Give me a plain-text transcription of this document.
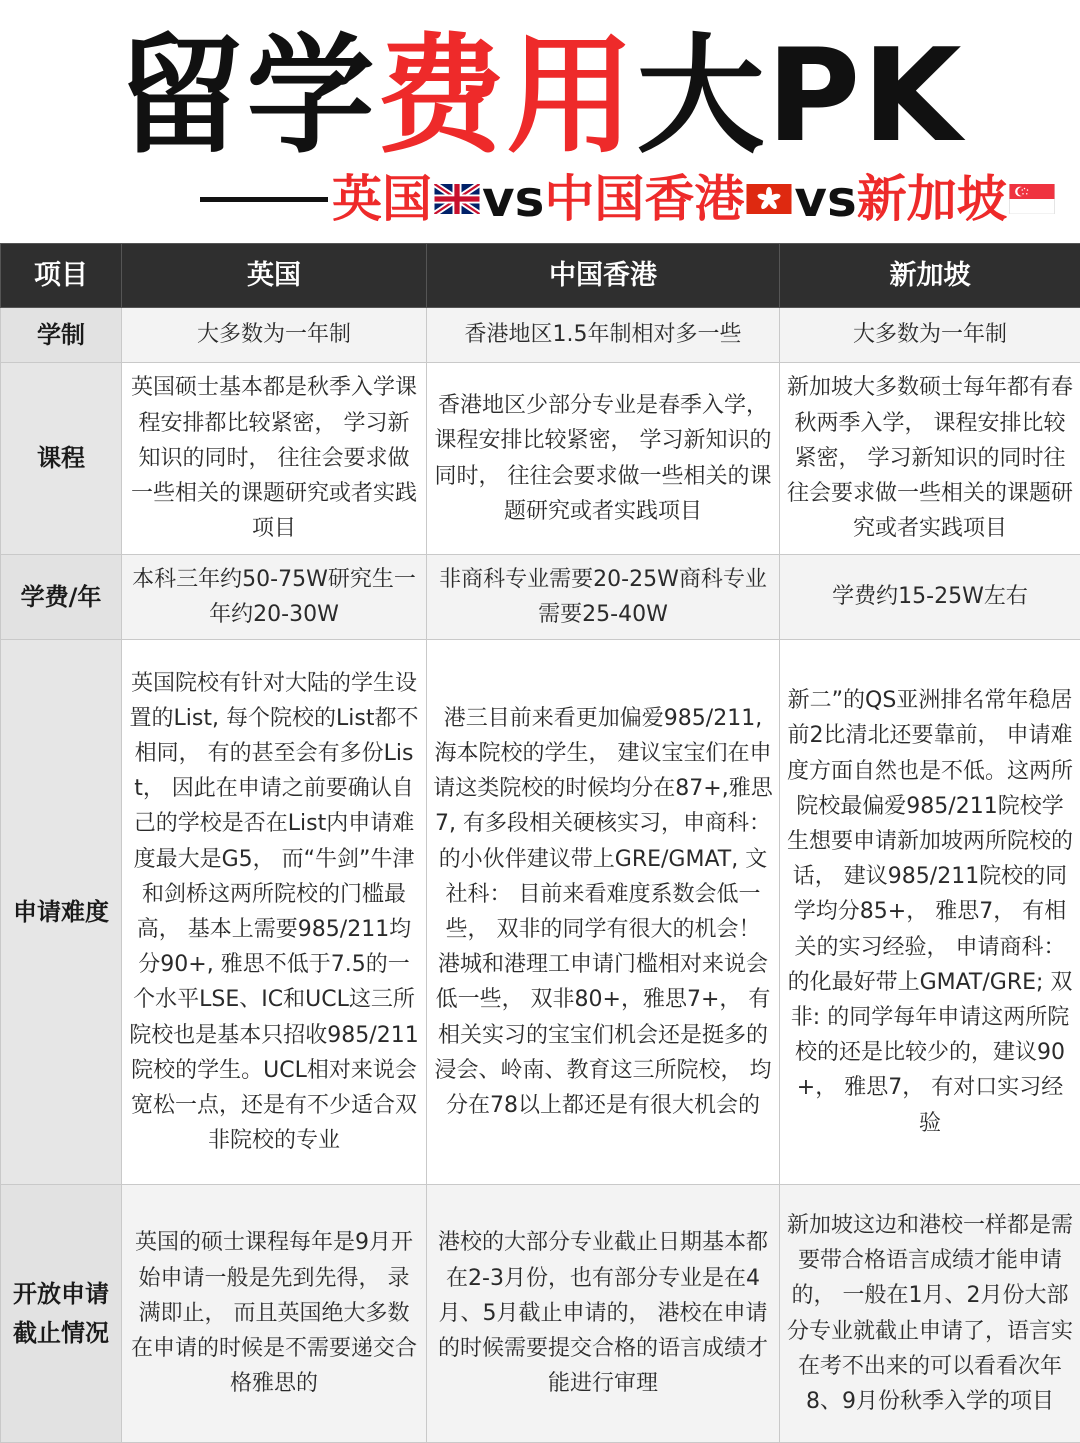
留学费用大PK
英国 vs 中国香港 vs 新加坡
项目	英国	中国香港	新加坡
学制	大多数为一年制	香港地区1.5年制相对多一些	大多数为一年制
课程	英国硕士基本都是秋季入学课程安排都比较紧密， 学习新知识的同时， 往往会要求做一些相关的课题研究或者实践项目	香港地区少部分专业是春季入学， 课程安排比较紧密， 学习新知识的同时， 往往会要求做一些相关的课题研究或者实践项目	新加坡大多数硕士每年都有春秋两季入学， 课程安排比较紧密， 学习新知识的同时往往会要求做一些相关的课题研究或者实践项目
学费/年	本科三年约50-75W研究生一年约20-30W	非商科专业需要20-25W商科专业需要25-40W	学费约15-25W左右
申请难度	英国院校有针对大陆的学生设置的List, 每个院校的List都不相同， 有的甚至会有多份List， 因此在申请之前要确认自己的学校是否在List内申请难度最大是G5， 而“牛剑”牛津和剑桥这两所院校的门槛最高， 基本上需要985/211均分90+, 雅思不低于7.5的一个水平LSE、IC和UCL这三所院校也是基本只招收985/211院校的学生。UCL相对来说会宽松一点，还是有不少适合双非院校的专业	港三目前来看更加偏爱985/211,海本院校的学生， 建议宝宝们在申请这类院校的时候均分在87+,雅思7, 有多段相关硬核实习，申商科： 的小伙伴建议带上GRE/GMAT, 文社科： 目前来看难度系数会低一些， 双非的同学有很大的机会！ 港城和港理工申请门槛相对来说会低一些， 双非80+，雅思7+， 有相关实习的宝宝们机会还是挺多的浸会、岭南、教育这三所院校， 均分在78以上都还是有很大机会的	新二”的QS亚洲排名常年稳居前2比清北还要靠前， 申请难度方面自然也是不低。这两所院校最偏爱985/211院校学生想要申请新加坡两所院校的话， 建议985/211院校的同学均分85+， 雅思7， 有相关的实习经验， 申请商科： 的化最好带上GMAT/GRE; 双非: 的同学每年申请这两所院校的还是比较少的，建议90+， 雅思7， 有对口实习经验
开放申请截止情况	英国的硕士课程每年是9月开始申请一般是先到先得， 录满即止， 而且英国绝大多数在申请的时候是不需要递交合格雅思的	港校的大部分专业截止日期基本都在2-3月份，也有部分专业是在4月、5月截止申请的， 港校在申请的时候需要提交合格的语言成绩才能进行审理	新加坡这边和港校一样都是需要带合格语言成绩才能申请的， 一般在1月、2月份大部分专业就截止申请了，语言实在考不出来的可以看看次年8、9月份秋季入学的项目
